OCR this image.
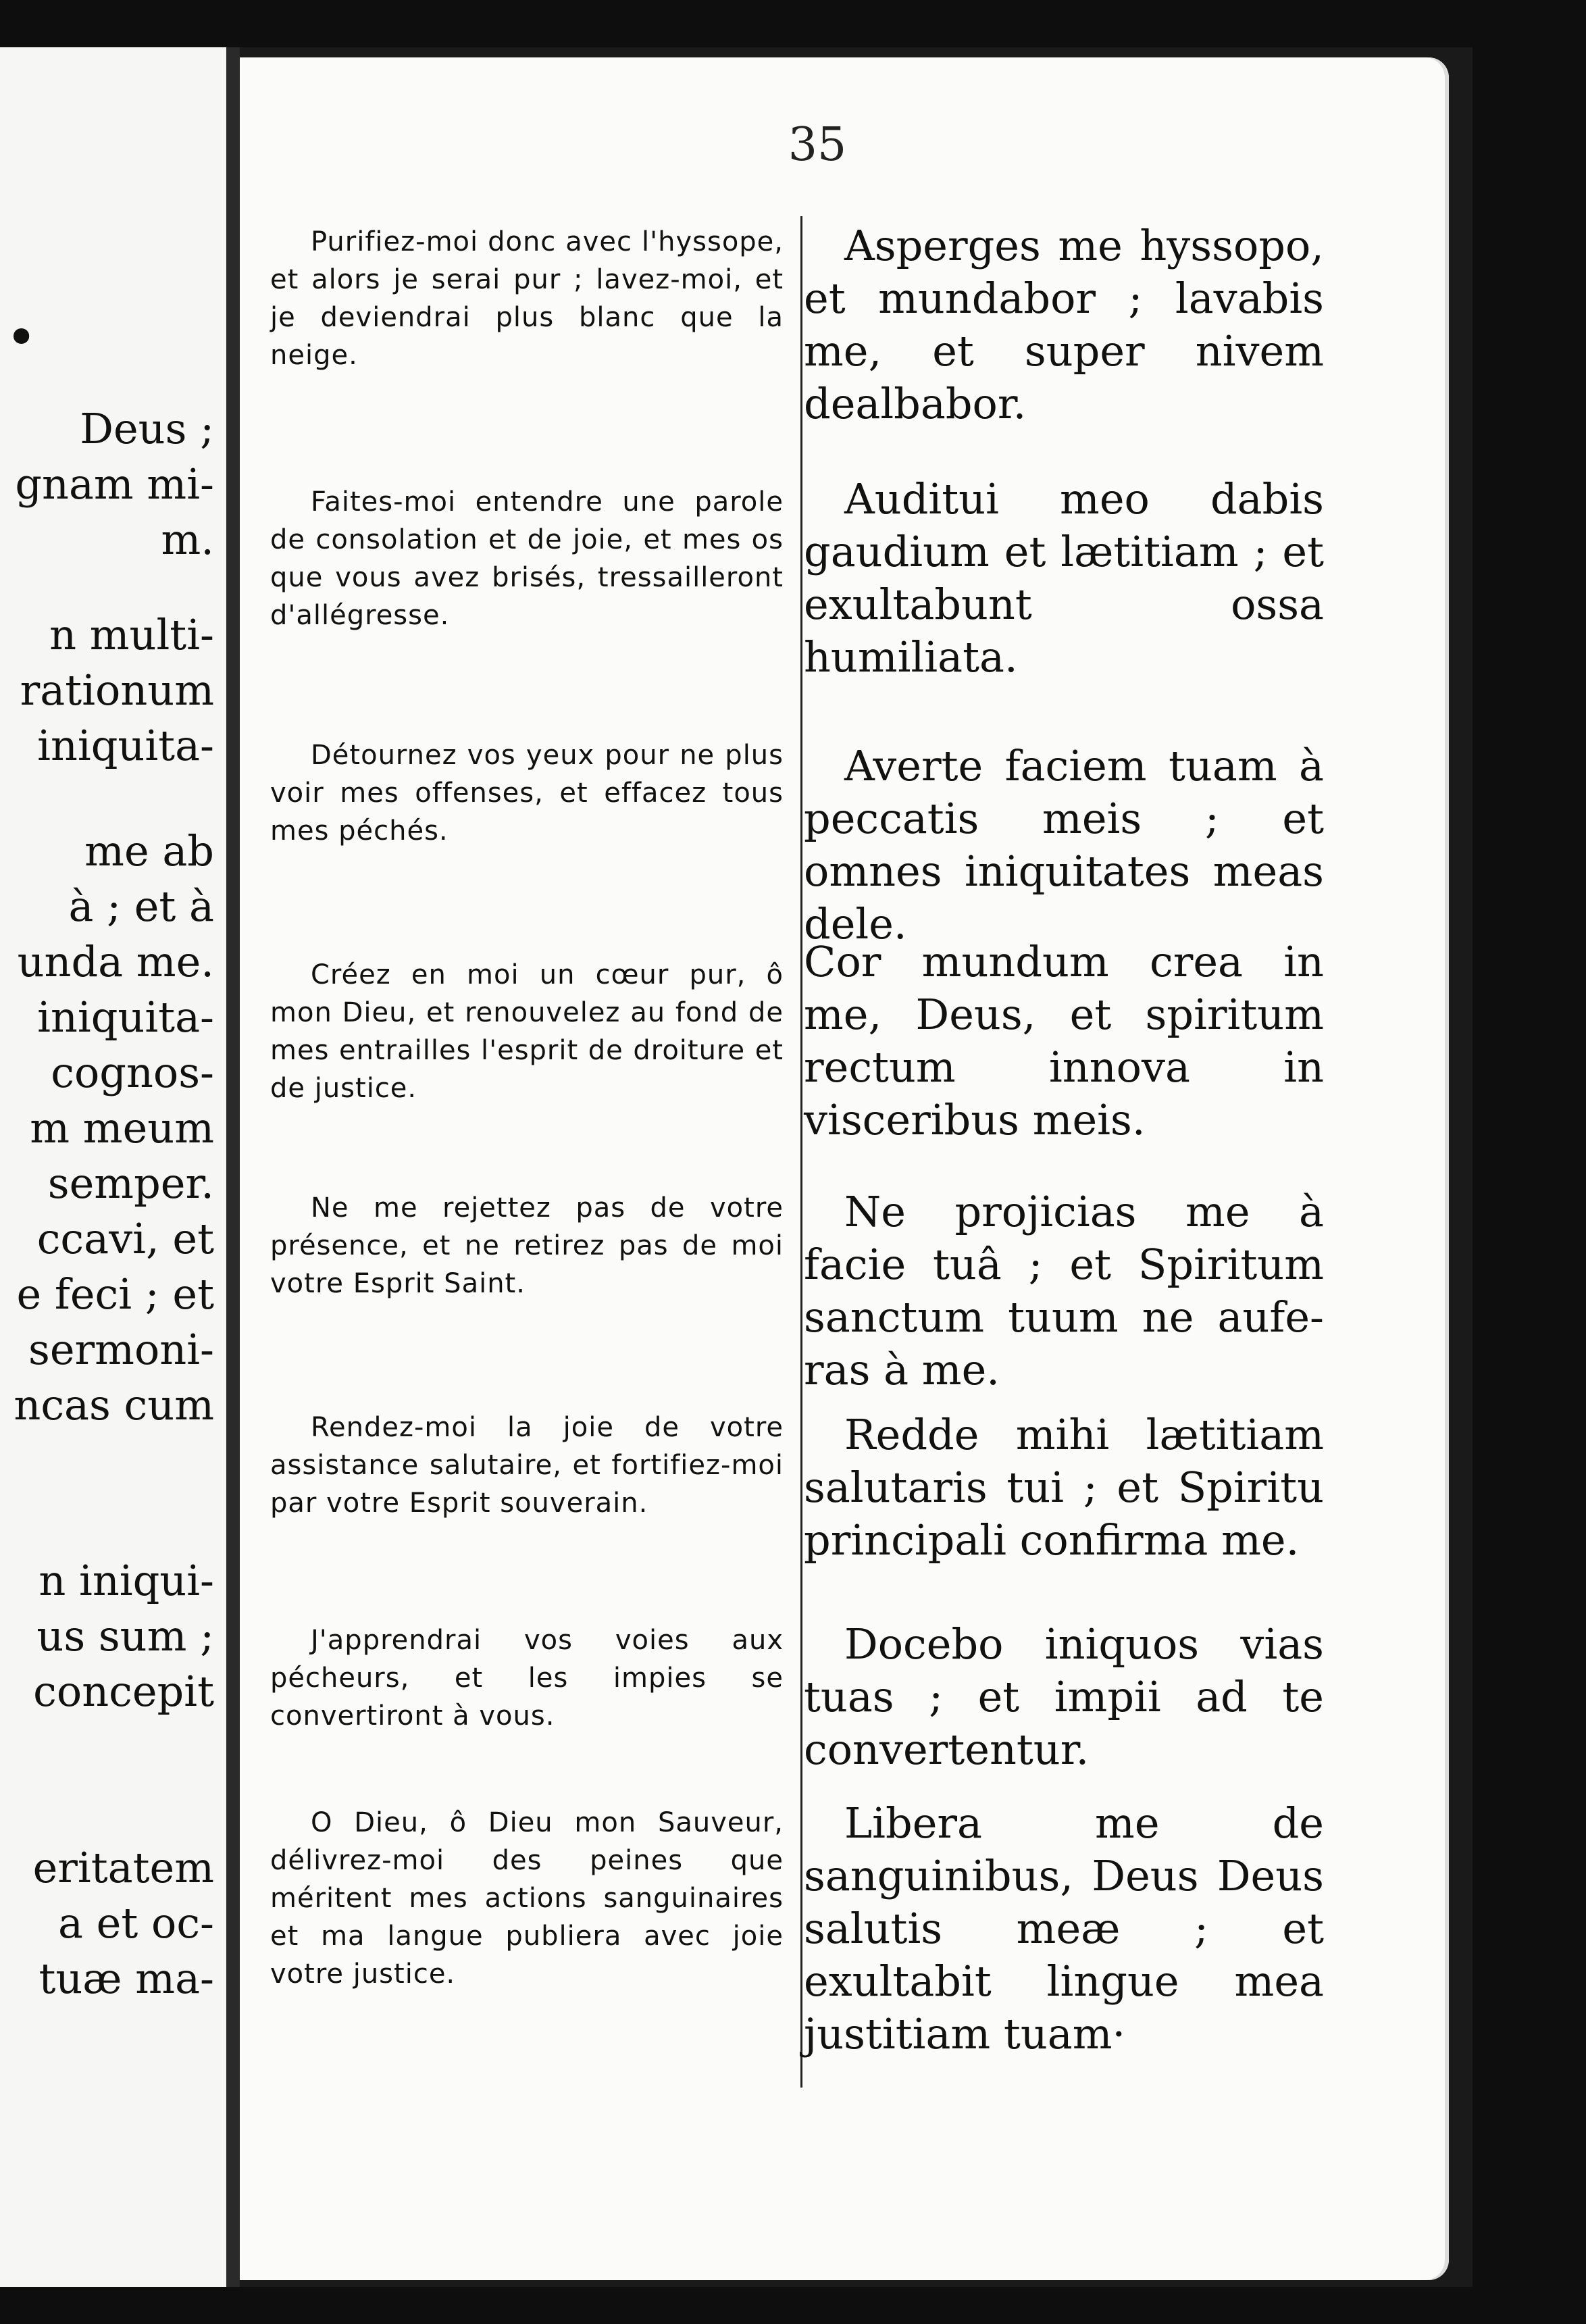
•
Deus ;
gnam mi-
m.
n multi-
rationum
iniquita-
me ab
à ; et à
unda me.
iniquita-
cognos-
m meum
semper.
ccavi, et
e feci ; et
sermoni-
ncas cum
n iniqui-
us sum ;
concepit
eritatem
a et oc-
tuæ ma-
35
Purifiez-moi donc avec l'hyssope, et alors je serai pur ; lavez-moi, et je deviendrai plus blanc que la neige.
Faites-moi entendre une parole de consolation et de joie, et mes os que vous avez brisés, tressailleront d'allégresse.
Détournez vos yeux pour ne plus voir mes offenses, et effacez tous mes péchés.
Créez en moi un cœur pur, ô mon Dieu, et renouvelez au fond de mes entrailles l'esprit de droiture et de justice.
Ne me rejettez pas de votre présence, et ne retirez pas de moi votre Esprit Saint.
Rendez-moi la joie de votre assistance salutaire, et fortifiez-moi par votre Esprit souverain.
J'apprendrai vos voies aux pécheurs, et les impies se convertiront à vous.
O Dieu, ô Dieu mon Sauveur, délivrez-moi des peines que méritent mes actions sanguinaires et ma langue publiera avec joie votre justice.
Asperges me hyssopo, et mundabor ; lavabis me, et super nivem dealbabor.
Auditui meo dabis gaudium et lætitiam ; et exultabunt ossa humiliata.
Averte faciem tuam à peccatis meis ; et omnes iniquitates meas dele.
Cor mundum crea in me, Deus, et spiritum rectum innova in visceribus meis.
Ne projicias me à facie tuâ ; et Spiritum sanctum tuum ne aufe-ras à me.
Redde mihi lætitiam salutaris tui ; et Spiritu principali confirma me.
Docebo iniquos vias tuas ; et impii ad te convertentur.
Libera me de sanguinibus, Deus Deus salutis meæ ; et exultabit lingue mea justitiam tuam·
